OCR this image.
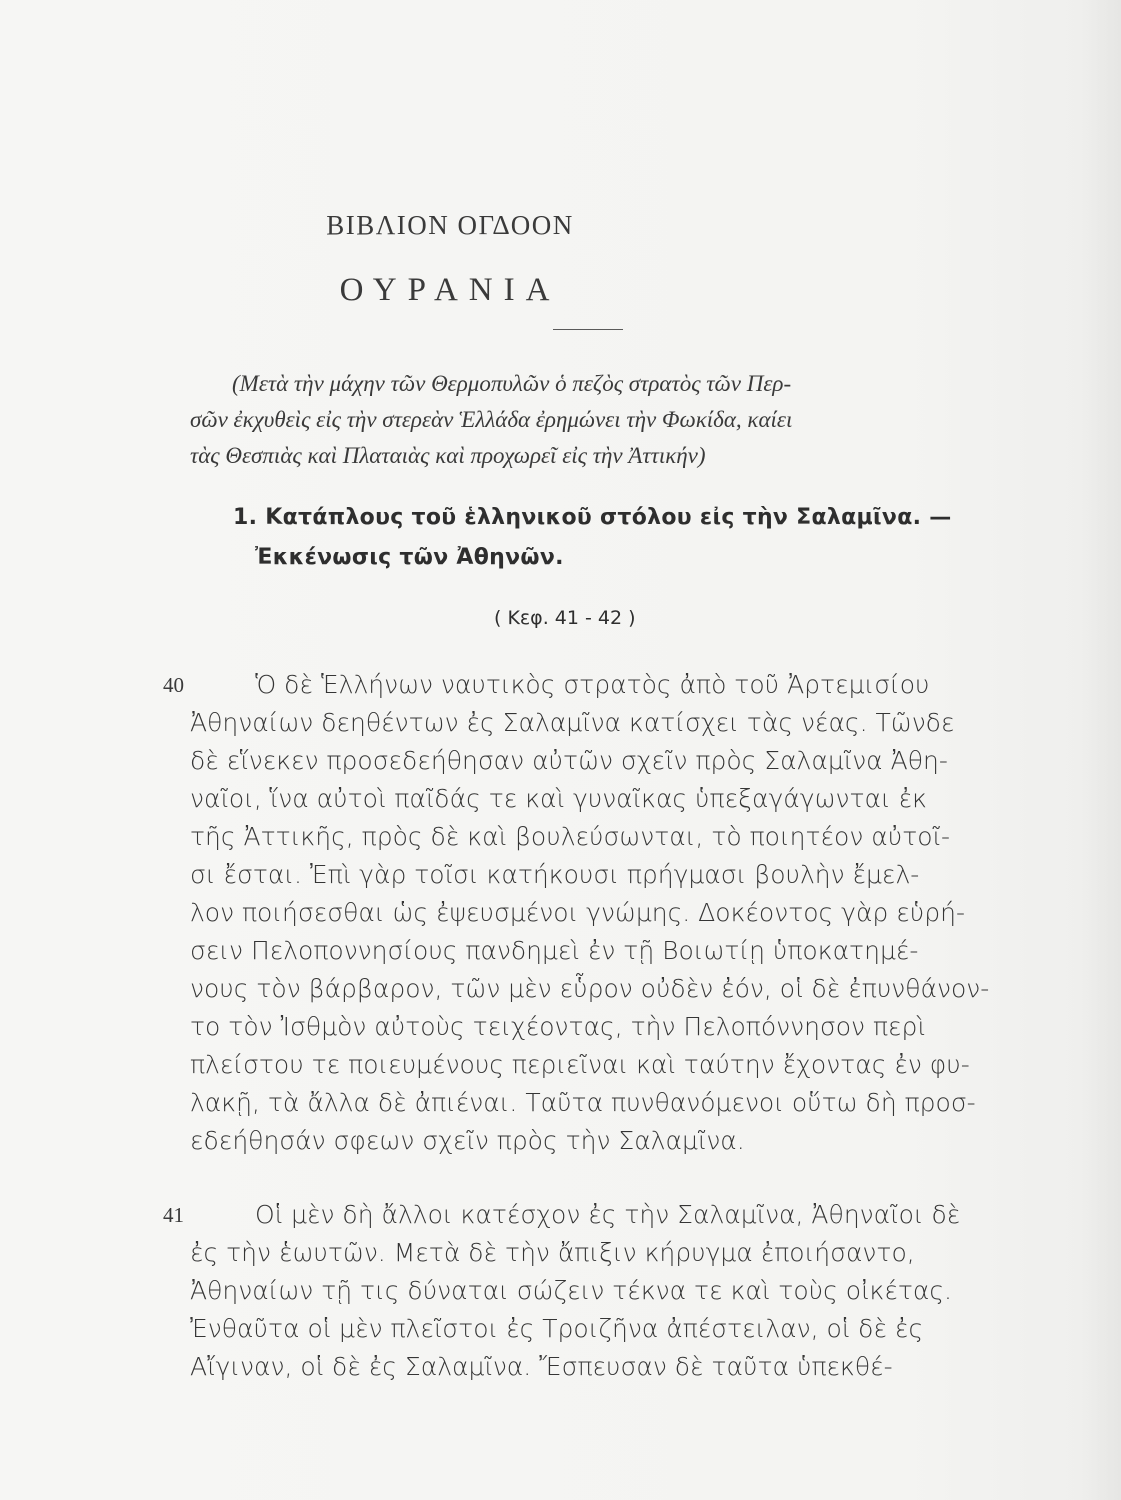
ΒΙΒΛΙΟΝ ΟΓΔΟΟΝ
ΟΥΡΑΝΙΑ
(Μετὰ τὴν μάχην τῶν Θερμοπυλῶν ὁ πεζὸς στρατὸς τῶν Περ-
σῶν ἐκχυθεὶς εἰς τὴν στερεὰν Ἑλλάδα ἐρημώνει τὴν Φωκίδα, καίει
τὰς Θεσπιὰς καὶ Πλαταιὰς καὶ προχωρεῖ εἰς τὴν Ἀττικήν)
1. Κατάπλους τοῦ ἑλληνικοῦ στόλου εἰς τὴν Σαλαμῖνα. —
Ἐκκένωσις τῶν Ἀθηνῶν.
( Κεφ. 41 - 42 )
40	Ὁ δὲ Ἑλλήνων ναυτικὸς στρατὸς ἀπὸ τοῦ Ἀρτεμισίου
Ἀθηναίων δεηθέντων ἐς Σαλαμῖνα κατίσχει τὰς νέας. Τῶνδε
δὲ εἵνεκεν προσεδεήθησαν αὐτῶν σχεῖν πρὸς Σαλαμῖνα Ἀθη-
ναῖοι, ἵνα αὐτοὶ παῖδάς τε καὶ γυναῖκας ὑπεξαγάγωνται ἐκ
τῆς Ἀττικῆς, πρὸς δὲ καὶ βουλεύσωνται, τὸ ποιητέον αὐτοῖ-
σι ἔσται. Ἐπὶ γὰρ τοῖσι κατήκουσι πρήγμασι βουλὴν ἔμελ-
λον ποιήσεσθαι ὡς ἐψευσμένοι γνώμης. Δοκέοντος γὰρ εὑρή-
σειν Πελοποννησίους πανδημεὶ ἐν τῇ Βοιωτίῃ ὑποκατημέ-
νους τὸν βάρβαρον, τῶν μὲν εὗρον οὐδὲν ἐόν, οἱ δὲ ἐπυνθάνον-
το τὸν Ἰσθμὸν αὐτοὺς τειχέοντας, τὴν Πελοπόννησον περὶ
πλείστου τε ποιευμένους περιεῖναι καὶ ταύτην ἔχοντας ἐν φυ-
λακῇ, τὰ ἄλλα δὲ ἀπιέναι. Ταῦτα πυνθανόμενοι οὕτω δὴ προσ-
εδεήθησάν σφεων σχεῖν πρὸς τὴν Σαλαμῖνα.
41	Οἱ μὲν δὴ ἄλλοι κατέσχον ἐς τὴν Σαλαμῖνα, Ἀθηναῖοι δὲ
ἐς τὴν ἑωυτῶν. Μετὰ δὲ τὴν ἄπιξιν κήρυγμα ἐποιήσαντο,
Ἀθηναίων τῇ τις δύναται σώζειν τέκνα τε καὶ τοὺς οἰκέτας.
Ἐνθαῦτα οἱ μὲν πλεῖστοι ἐς Τροιζῆνα ἀπέστειλαν, οἱ δὲ ἐς
Αἴγιναν, οἱ δὲ ἐς Σαλαμῖνα. Ἔσπευσαν δὲ ταῦτα ὑπεκθέ-
